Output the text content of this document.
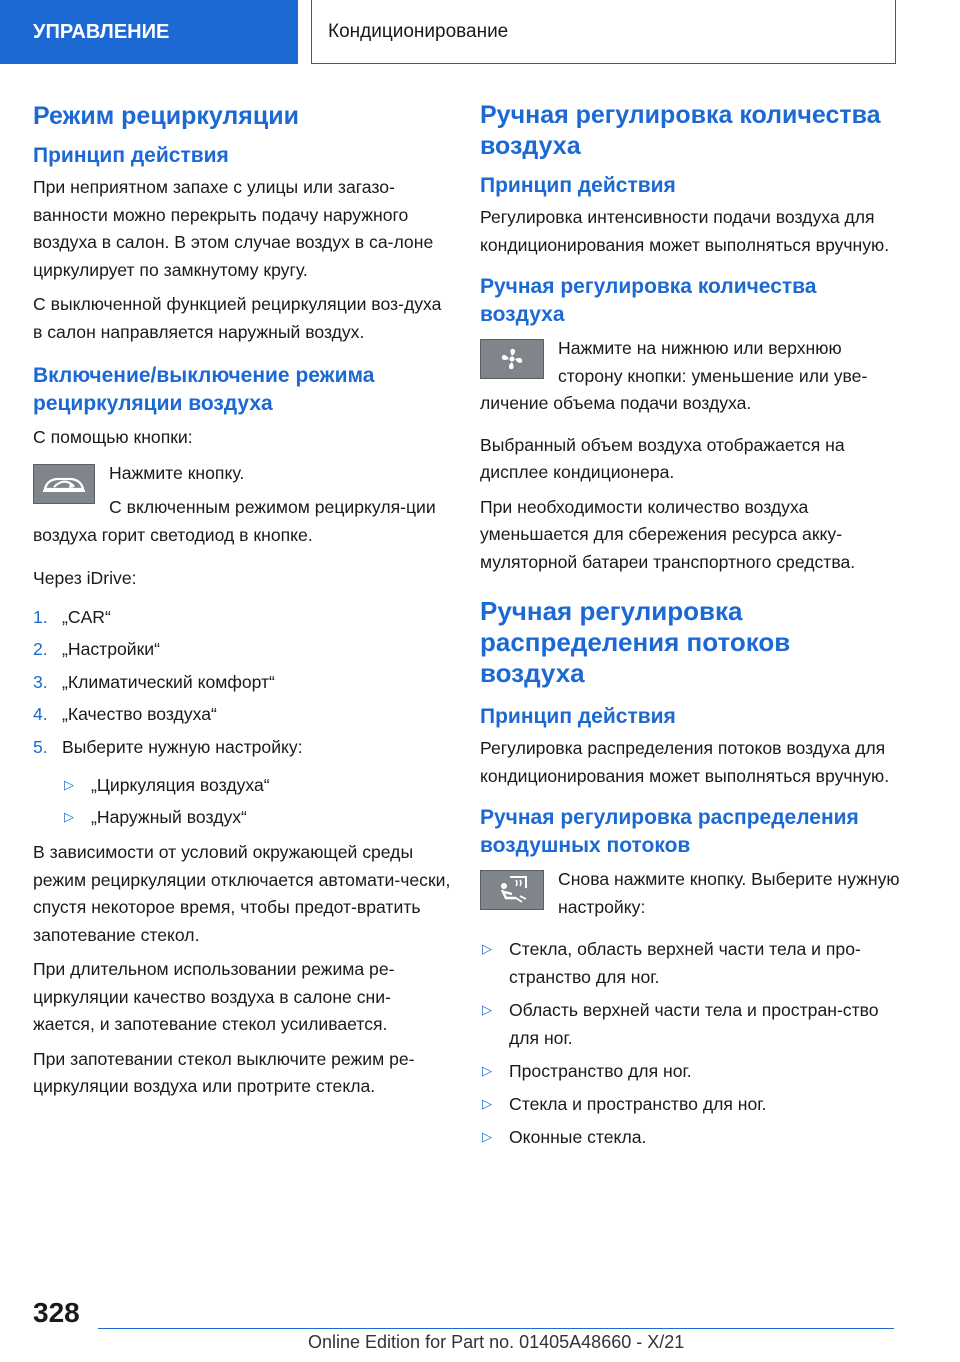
УПРАВЛЕНИЕ	Кондиционирование
Режим рециркуляции
Принцип действия

При неприятном запахе с улицы или загазо-ванности можно перекрыть подачу наружного воздуха в салон. В этом случае воздух в са-лоне циркулирует по замкнутому кругу.

С выключенной функцией рециркуляции воз-духа в салон направляется наружный воздух.

Включение/выключение режима рециркуляции воздуха

С помощью кнопки:

Нажмите кнопку.

С включенным режимом рециркуля-ции воздуха горит светодиод в кнопке.

Через iDrive:

1. „CAR“
2. „Настройки“
3. „Климатический комфорт“
4. „Качество воздуха“
5. Выберите нужную настройку:
▷ „Циркуляция воздуха“
▷ „Наружный воздух“

В зависимости от условий окружающей среды режим рециркуляции отключается автомати-чески, спустя некоторое время, чтобы предот-вратить запотевание стекол.

При длительном использовании режима ре-циркуляции качество воздуха в салоне сни-жается, и запотевание стекол усиливается.

При запотевании стекол выключите режим ре-циркуляции воздуха или протрите стекла.

Ручная регулировка количества воздуха
Принцип действия

Регулировка интенсивности подачи воздуха для кондиционирования может выполняться вручную.

Ручная регулировка количества воздуха

Нажмите на нижнюю или верхнюю сторону кнопки: уменьшение или уве-личение объема подачи воздуха.

Выбранный объем воздуха отображается на дисплее кондиционера.

При необходимости количество воздуха уменьшается для сбережения ресурса акку-муляторной батареи транспортного средства.

Ручная регулировка распределения потоков воздуха
Принцип действия

Регулировка распределения потоков воздуха для кондиционирования может выполняться вручную.

Ручная регулировка распределения воздушных потоков

Снова нажмите кнопку. Выберите нужную настройку:

▷ Стекла, область верхней части тела и про-странство для ног.
▷ Область верхней части тела и простран-ство для ног.
▷ Пространство для ног.
▷ Стекла и пространство для ног.
▷ Оконные стекла.
328
Online Edition for Part no. 01405A48660 - X/21
